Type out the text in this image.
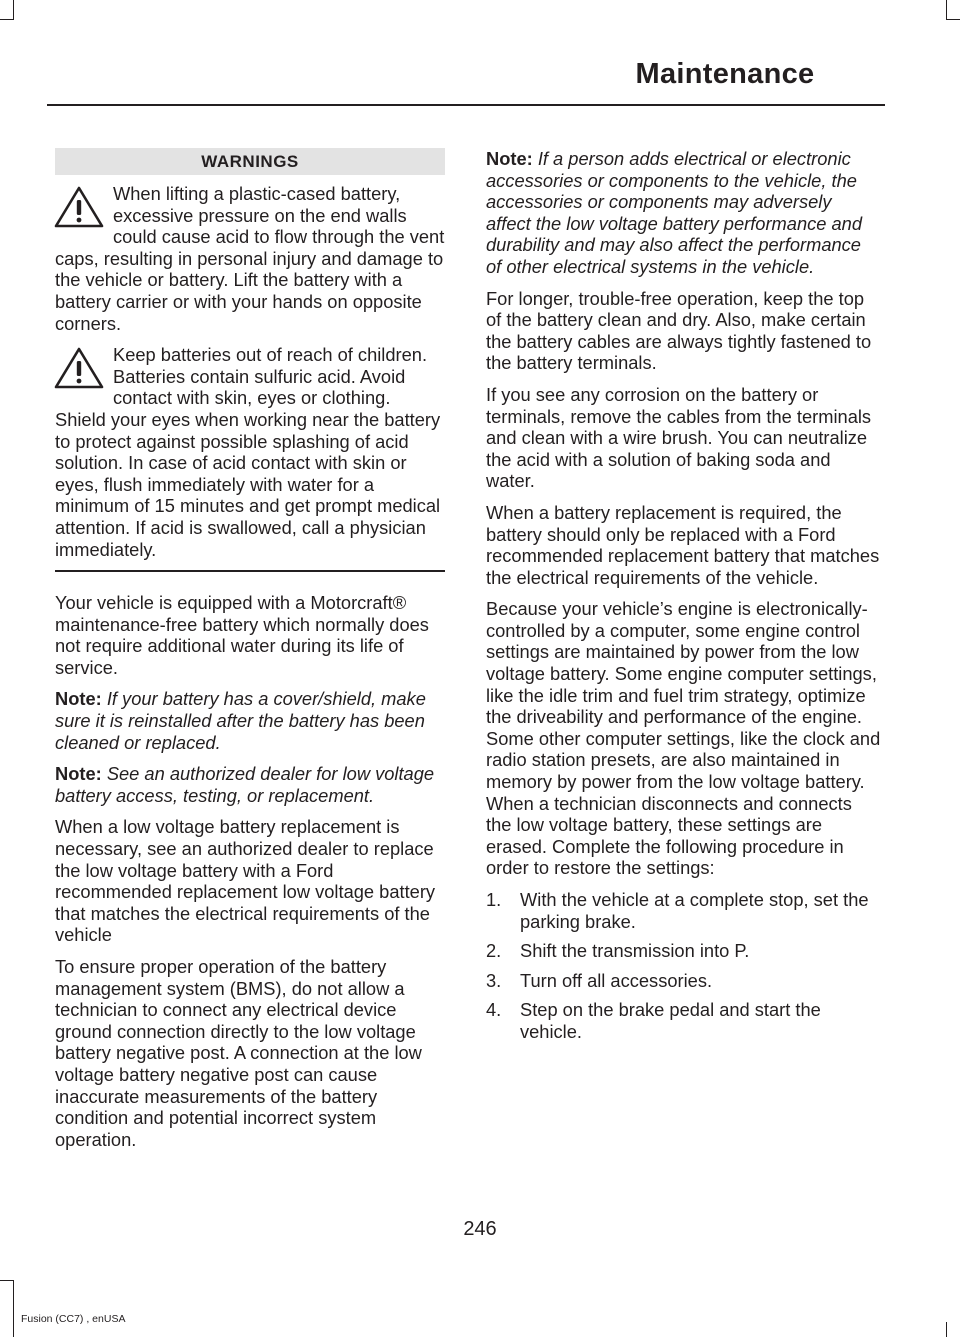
Maintenance
WARNINGS

When lifting a plastic-cased battery, excessive pressure on the end walls could cause acid to flow through the vent caps, resulting in personal injury and damage to the vehicle or battery. Lift the battery with a battery carrier or with your hands on opposite corners.

Keep batteries out of reach of children. Batteries contain sulfuric acid. Avoid contact with skin, eyes or clothing. Shield your eyes when working near the battery to protect against possible splashing of acid solution. In case of acid contact with skin or eyes, flush immediately with water for a minimum of 15 minutes and get prompt medical attention. If acid is swallowed, call a physician immediately.

Your vehicle is equipped with a Motorcraft® maintenance-free battery which normally does not require additional water during its life of service.

Note: If your battery has a cover/shield, make sure it is reinstalled after the battery has been cleaned or replaced.

Note: See an authorized dealer for low voltage battery access, testing, or replacement.

When a low voltage battery replacement is necessary, see an authorized dealer to replace the low voltage battery with a Ford recommended replacement low voltage battery that matches the electrical requirements of the vehicle

To ensure proper operation of the battery management system (BMS), do not allow a technician to connect any electrical device ground connection directly to the low voltage battery negative post. A connection at the low voltage battery negative post can cause inaccurate measurements of the battery condition and potential incorrect system operation.

Note: If a person adds electrical or electronic accessories or components to the vehicle, the accessories or components may adversely affect the low voltage battery performance and durability and may also affect the performance of other electrical systems in the vehicle.

For longer, trouble-free operation, keep the top of the battery clean and dry. Also, make certain the battery cables are always tightly fastened to the battery terminals.

If you see any corrosion on the battery or terminals, remove the cables from the terminals and clean with a wire brush. You can neutralize the acid with a solution of baking soda and water.

When a battery replacement is required, the battery should only be replaced with a Ford recommended replacement battery that matches the electrical requirements of the vehicle.

Because your vehicle’s engine is electronically-controlled by a computer, some engine control settings are maintained by power from the low voltage battery. Some engine computer settings, like the idle trim and fuel trim strategy, optimize the driveability and performance of the engine. Some other computer settings, like the clock and radio station presets, are also maintained in memory by power from the low voltage battery. When a technician disconnects and connects the low voltage battery, these settings are erased. Complete the following procedure in order to restore the settings:

1. With the vehicle at a complete stop, set the parking brake.
2. Shift the transmission into P.
3. Turn off all accessories.
4. Step on the brake pedal and start the vehicle.
246
Fusion (CC7) , enUSA
